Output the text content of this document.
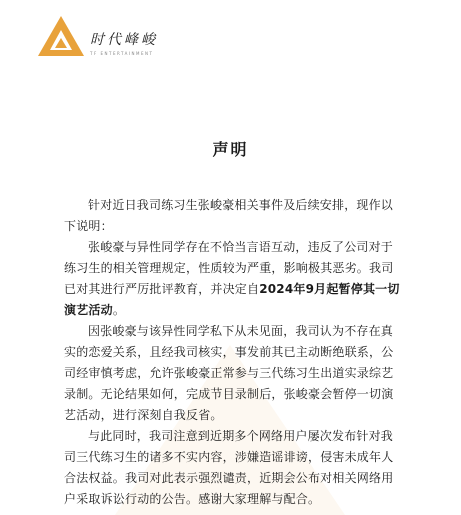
时代峰峻
TF ENTERTAINMENT
声明

针对近日我司练习生张峻豪相关事件及后续安排，现作以下说明：

张峻豪与异性同学存在不恰当言语互动，违反了公司对于练习生的相关管理规定，性质较为严重，影响极其恶劣。我司已对其进行严厉批评教育，并决定自2024年9月起暂停其一切演艺活动。

因张峻豪与该异性同学私下从未见面，我司认为不存在真实的恋爱关系，且经我司核实，事发前其已主动断绝联系，公司经审慎考虑，允许张峻豪正常参与三代练习生出道实录综艺录制。无论结果如何，完成节目录制后，张峻豪会暂停一切演艺活动，进行深刻自我反省。

与此同时，我司注意到近期多个网络用户屡次发布针对我司三代练习生的诸多不实内容，涉嫌造谣诽谤，侵害未成年人合法权益。我司对此表示强烈谴责，近期会公布对相关网络用户采取诉讼行动的公告。感谢大家理解与配合。
